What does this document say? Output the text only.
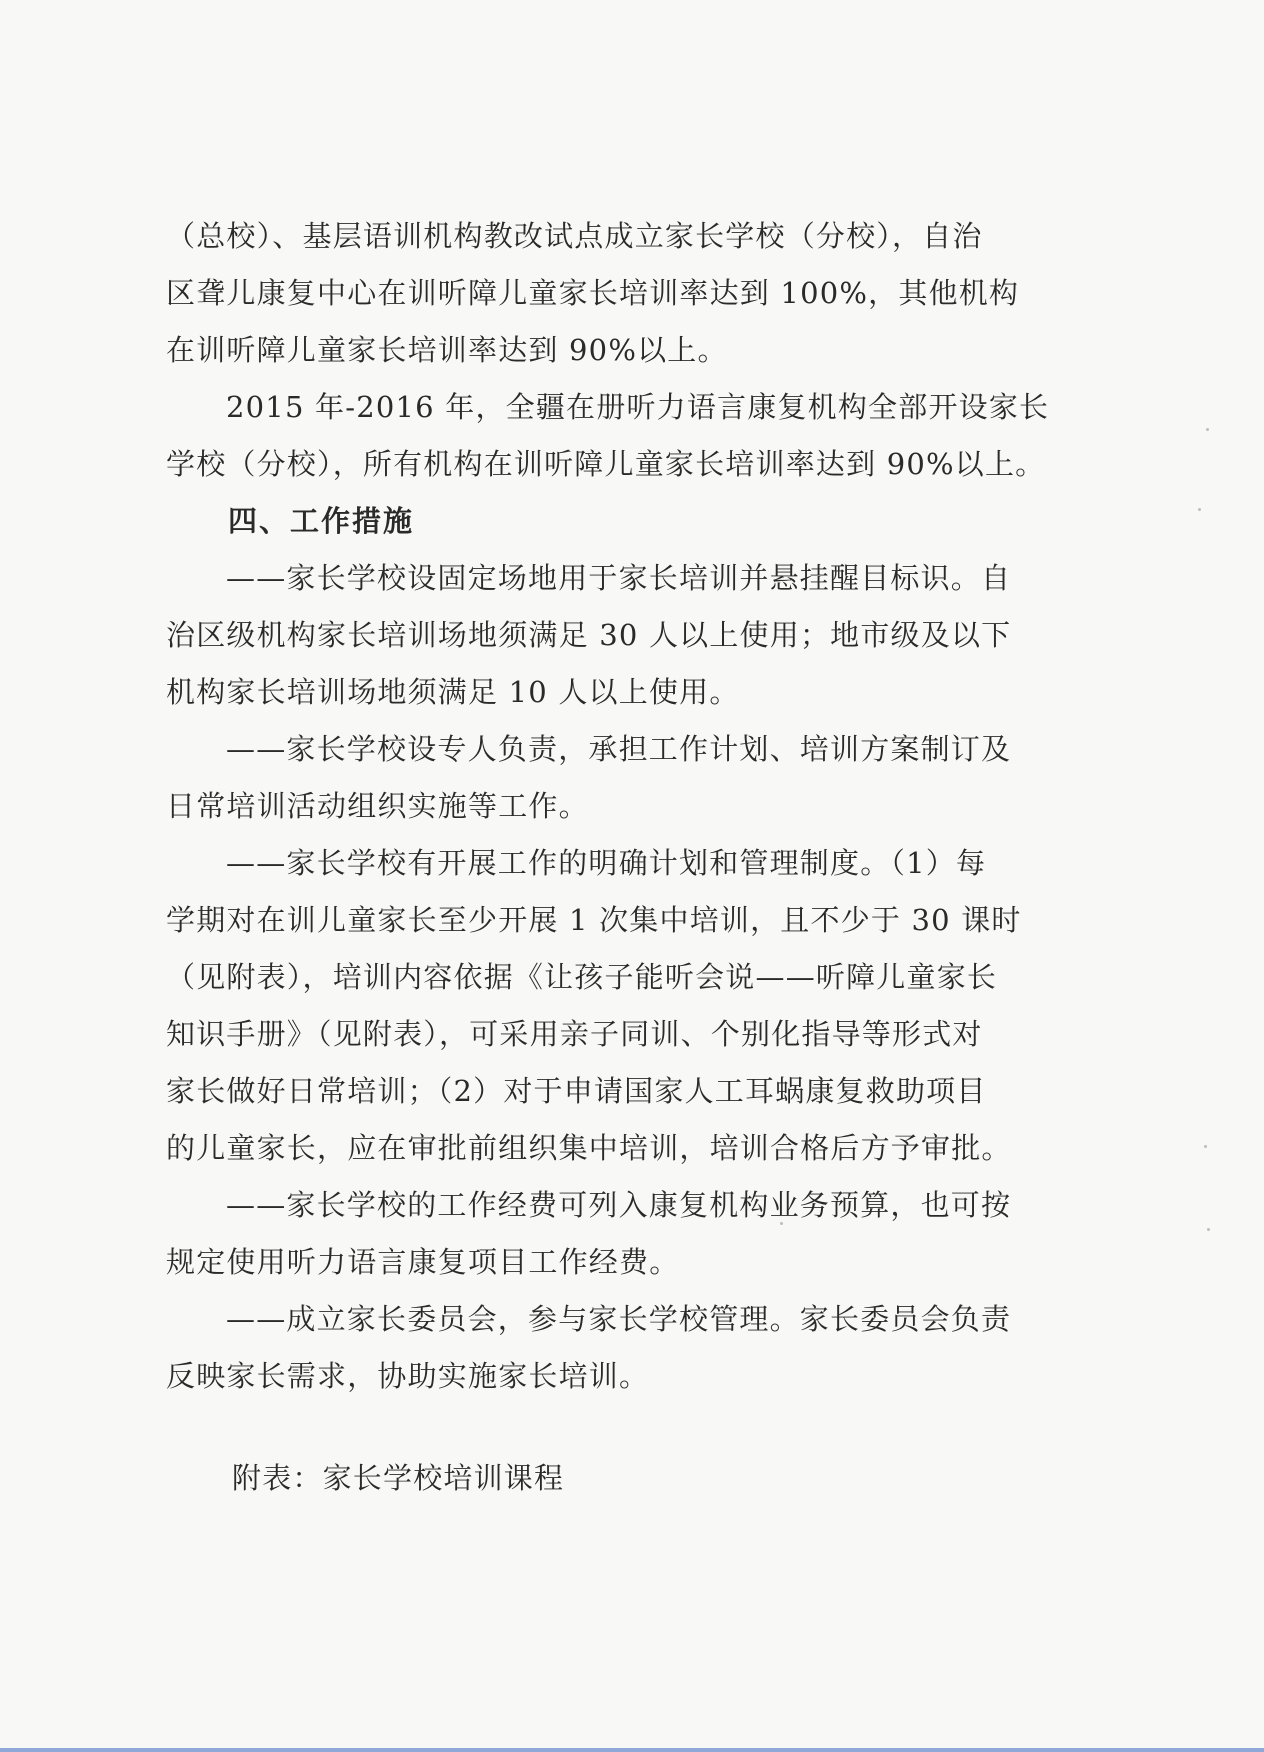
（总校）、基层语训机构教改试点成立家长学校（分校），自治
区聋儿康复中心在训听障儿童家长培训率达到 100%，其他机构
在训听障儿童家长培训率达到 90%以上。
2015 年-2016 年，全疆在册听力语言康复机构全部开设家长
学校（分校），所有机构在训听障儿童家长培训率达到 90%以上。
四、工作措施
——家长学校设固定场地用于家长培训并悬挂醒目标识。自
治区级机构家长培训场地须满足 30 人以上使用；地市级及以下
机构家长培训场地须满足 10 人以上使用。
——家长学校设专人负责，承担工作计划、培训方案制订及
日常培训活动组织实施等工作。
——家长学校有开展工作的明确计划和管理制度。（1）每
学期对在训儿童家长至少开展 1 次集中培训，且不少于 30 课时
（见附表），培训内容依据《让孩子能听会说——听障儿童家长
知识手册》（见附表），可采用亲子同训、个别化指导等形式对
家长做好日常培训；（2）对于申请国家人工耳蜗康复救助项目
的儿童家长，应在审批前组织集中培训，培训合格后方予审批。
——家长学校的工作经费可列入康复机构业务预算，也可按
规定使用听力语言康复项目工作经费。
——成立家长委员会，参与家长学校管理。家长委员会负责
反映家长需求，协助实施家长培训。
附表：家长学校培训课程
